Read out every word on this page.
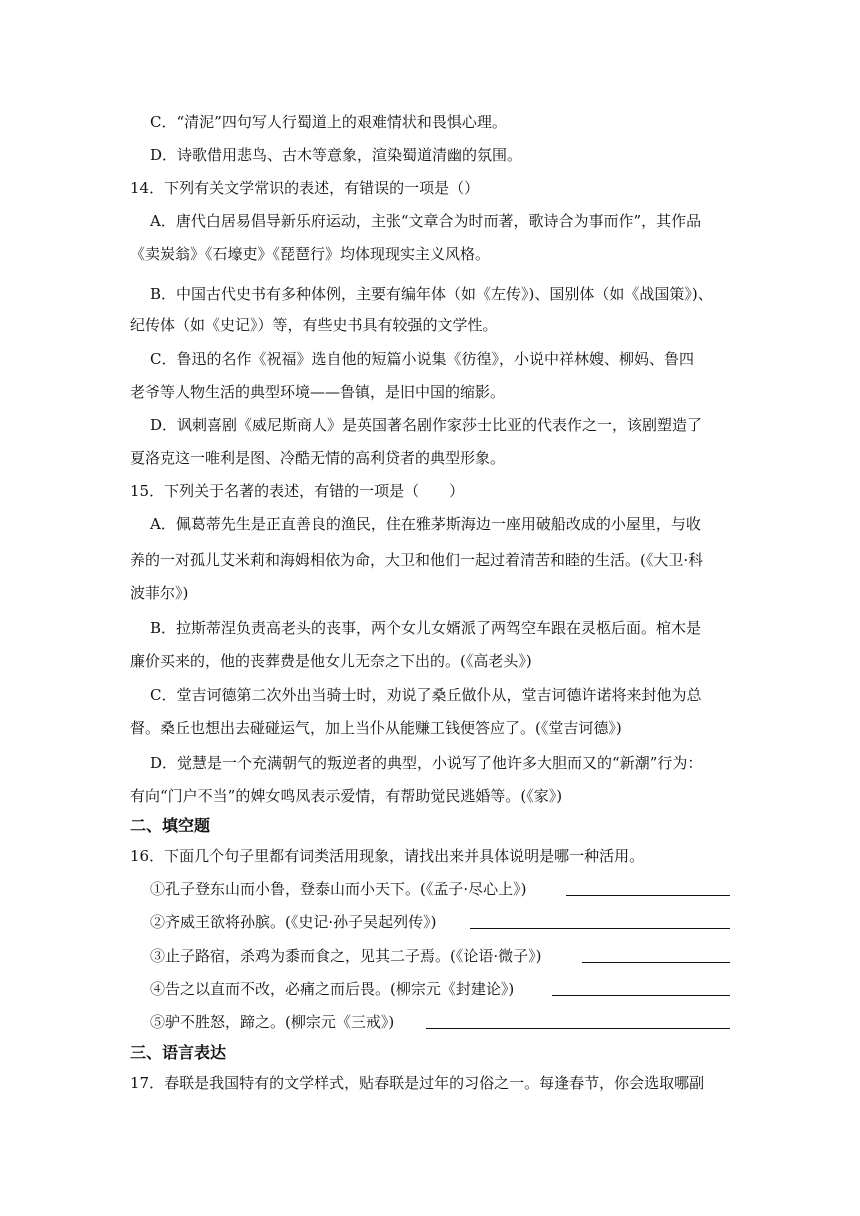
C．“清泥”四句写人行蜀道上的艰难情状和畏惧心理。
D．诗歌借用悲鸟、古木等意象，渲染蜀道清幽的氛围。
14．下列有关文学常识的表述，有错误的一项是（）
A．唐代白居易倡导新乐府运动，主张“文章合为时而著，歌诗合为事而作”，其作品
《卖炭翁》《石壕吏》《琵琶行》均体现现实主义风格。
B．中国古代史书有多种体例，主要有编年体（如《左传》)、国别体（如《战国策》)、
纪传体（如《史记》）等，有些史书具有较强的文学性。
C．鲁迅的名作《祝福》选自他的短篇小说集《彷徨》，小说中祥林嫂、柳妈、鲁四
老爷等人物生活的典型环境——鲁镇，是旧中国的缩影。
D．讽刺喜剧《威尼斯商人》是英国著名剧作家莎士比亚的代表作之一，该剧塑造了
夏洛克这一唯利是图、冷酷无情的高利贷者的典型形象。
15．下列关于名著的表述，有错的一项是（　　）
A．佩葛蒂先生是正直善良的渔民，住在雅茅斯海边一座用破船改成的小屋里，与收
养的一对孤儿艾米莉和海姆相依为命，大卫和他们一起过着清苦和睦的生活。(《大卫·科
波菲尔》)
B．拉斯蒂涅负责高老头的丧事，两个女儿女婿派了两驾空车跟在灵柩后面。棺木是
廉价买来的，他的丧葬费是他女儿无奈之下出的。(《高老头》)
C．堂吉诃德第二次外出当骑士时，劝说了桑丘做仆从，堂吉诃德许诺将来封他为总
督。桑丘也想出去碰碰运气，加上当仆从能赚工钱便答应了。(《堂吉诃德》)
D．觉慧是一个充满朝气的叛逆者的典型，小说写了他许多大胆而又的“新潮”行为：
有向“门户不当”的婢女鸣凤表示爱情，有帮助觉民逃婚等。(《家》)
二、填空题
16．下面几个句子里都有词类活用现象，请找出来并具体说明是哪一种活用。
①孔子登东山而小鲁，登泰山而小天下。(《孟子·尽心上》)
②齐威王欲将孙膑。(《史记·孙子吴起列传》)
③止子路宿，杀鸡为黍而食之，见其二子焉。(《论语·微子》)
④告之以直而不改，必痛之而后畏。(柳宗元《封建论》)
⑤驴不胜怒，蹄之。(柳宗元《三戒》)
三、语言表达
17．春联是我国特有的文学样式，贴春联是过年的习俗之一。每逢春节，你会选取哪副
